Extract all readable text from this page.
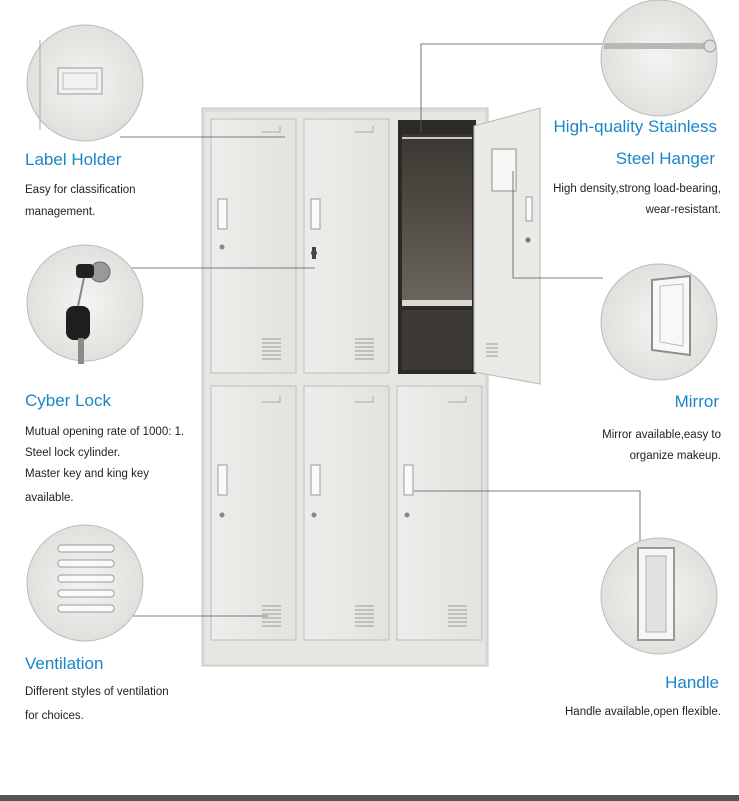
Label Holder
Easy for classification
management.
Cyber Lock
Mutual opening rate of 1000: 1.
Steel lock cylinder.
Master key and king key
available.
Ventilation
Different styles of ventilation
for choices.
High-quality Stainless
Steel Hanger
High density,strong load-bearing,
wear-resistant.
Mirror
Mirror available,easy to
organize makeup.
Handle
Handle available,open flexible.
